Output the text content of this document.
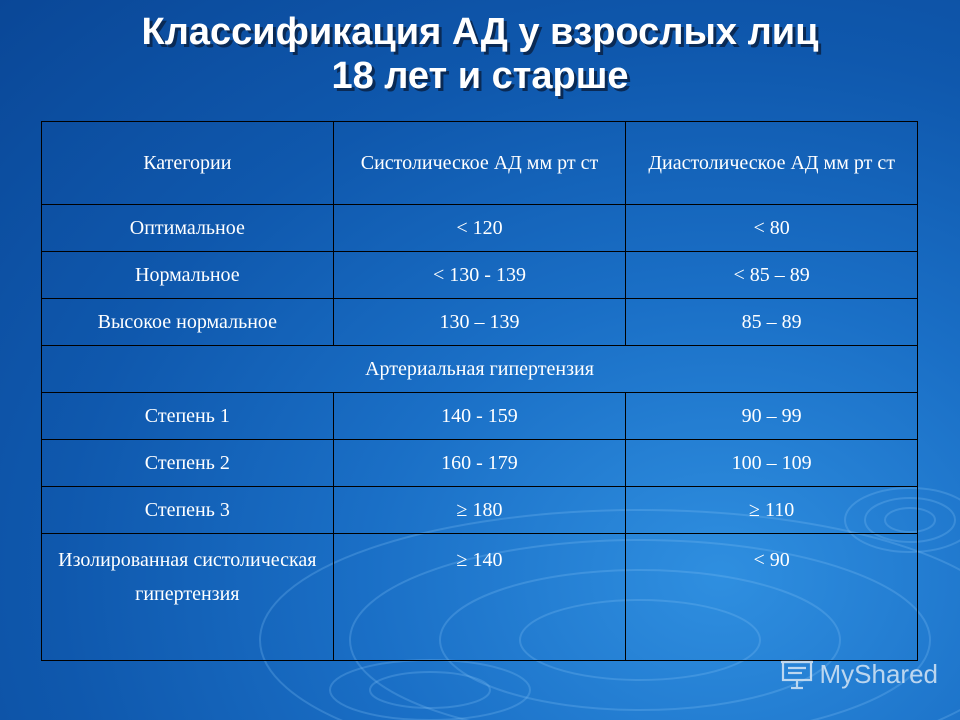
Классификация АД у взрослых лиц
18 лет и старше
Категории	Систолическое АД мм рт ст	Диастолическое АД мм рт ст
Оптимальное	< 120	< 80
Нормальное	< 130 - 139	< 85 – 89
Высокое нормальное	130 – 139	85 – 89
Артериальная гипертензия		
Степень 1	140 - 159	90 – 99
Степень 2	160 - 179	100 – 109
Степень 3	≥ 180	≥ 110
Изолированная систолическая гипертензия	≥ 140	< 90
MyShared
